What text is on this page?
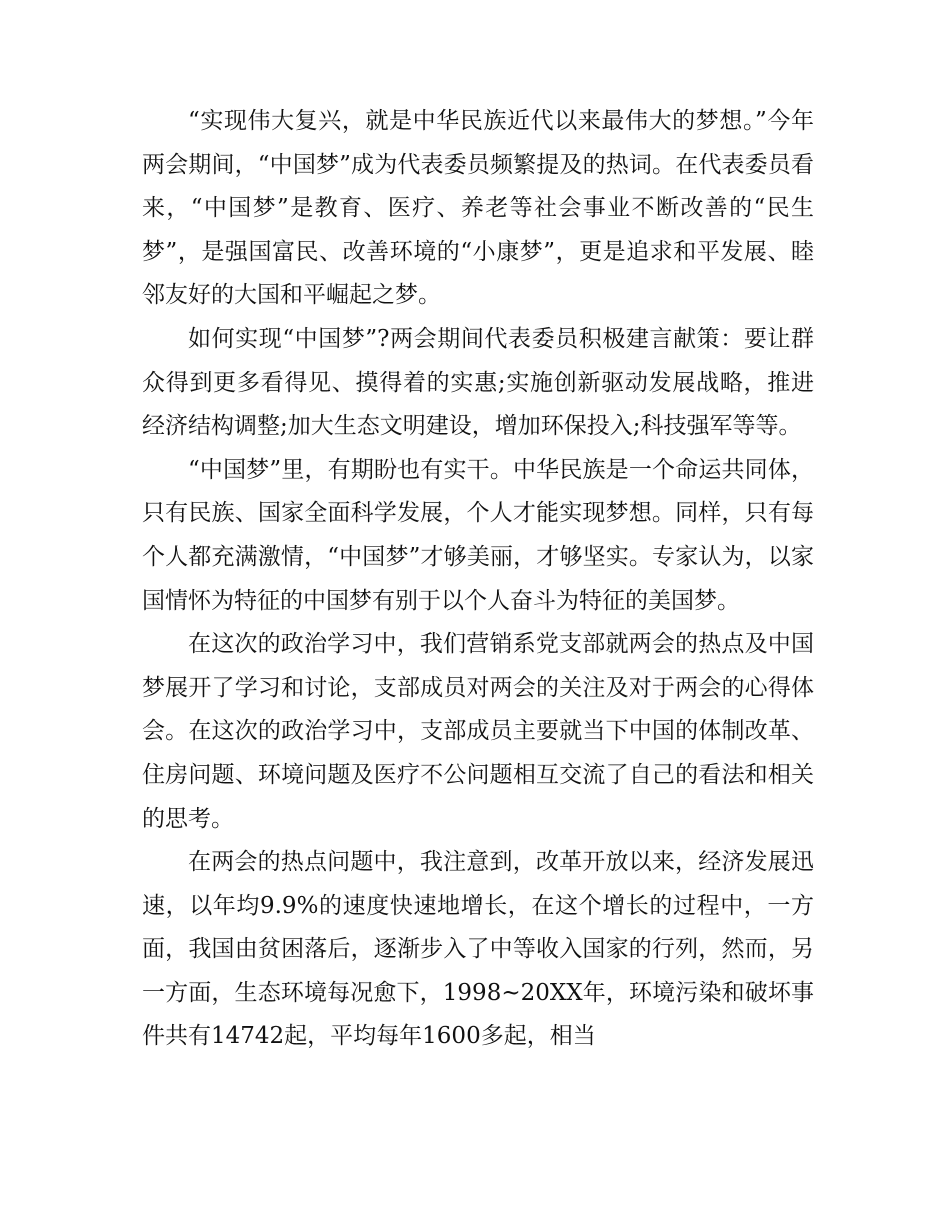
“实现伟大复兴，就是中华民族近代以来最伟大的梦想。”今年两会期间，“中国梦”成为代表委员频繁提及的热词。在代表委员看来，“中国梦”是教育、医疗、养老等社会事业不断改善的“民生梦”，是强国富民、改善环境的“小康梦”，更是追求和平发展、睦邻友好的大国和平崛起之梦。

如何实现“中国梦”?两会期间代表委员积极建言献策：要让群众得到更多看得见、摸得着的实惠;实施创新驱动发展战略，推进经济结构调整;加大生态文明建设，增加环保投入;科技强军等等。

“中国梦”里，有期盼也有实干。中华民族是一个命运共同体，只有民族、国家全面科学发展，个人才能实现梦想。同样，只有每个人都充满激情，“中国梦”才够美丽，才够坚实。专家认为，以家国情怀为特征的中国梦有别于以个人奋斗为特征的美国梦。

在这次的政治学习中，我们营销系党支部就两会的热点及中国梦展开了学习和讨论，支部成员对两会的关注及对于两会的心得体会。在这次的政治学习中，支部成员主要就当下中国的体制改革、住房问题、环境问题及医疗不公问题相互交流了自己的看法和相关的思考。

在两会的热点问题中，我注意到，改革开放以来，经济发展迅速，以年均9.9%的速度快速地增长，在这个增长的过程中，一方面，我国由贫困落后，逐渐步入了中等收入国家的行列，然而，另一方面，生态环境每况愈下，1998~20XX年，环境污染和破坏事件共有14742起，平均每年1600多起，相当
